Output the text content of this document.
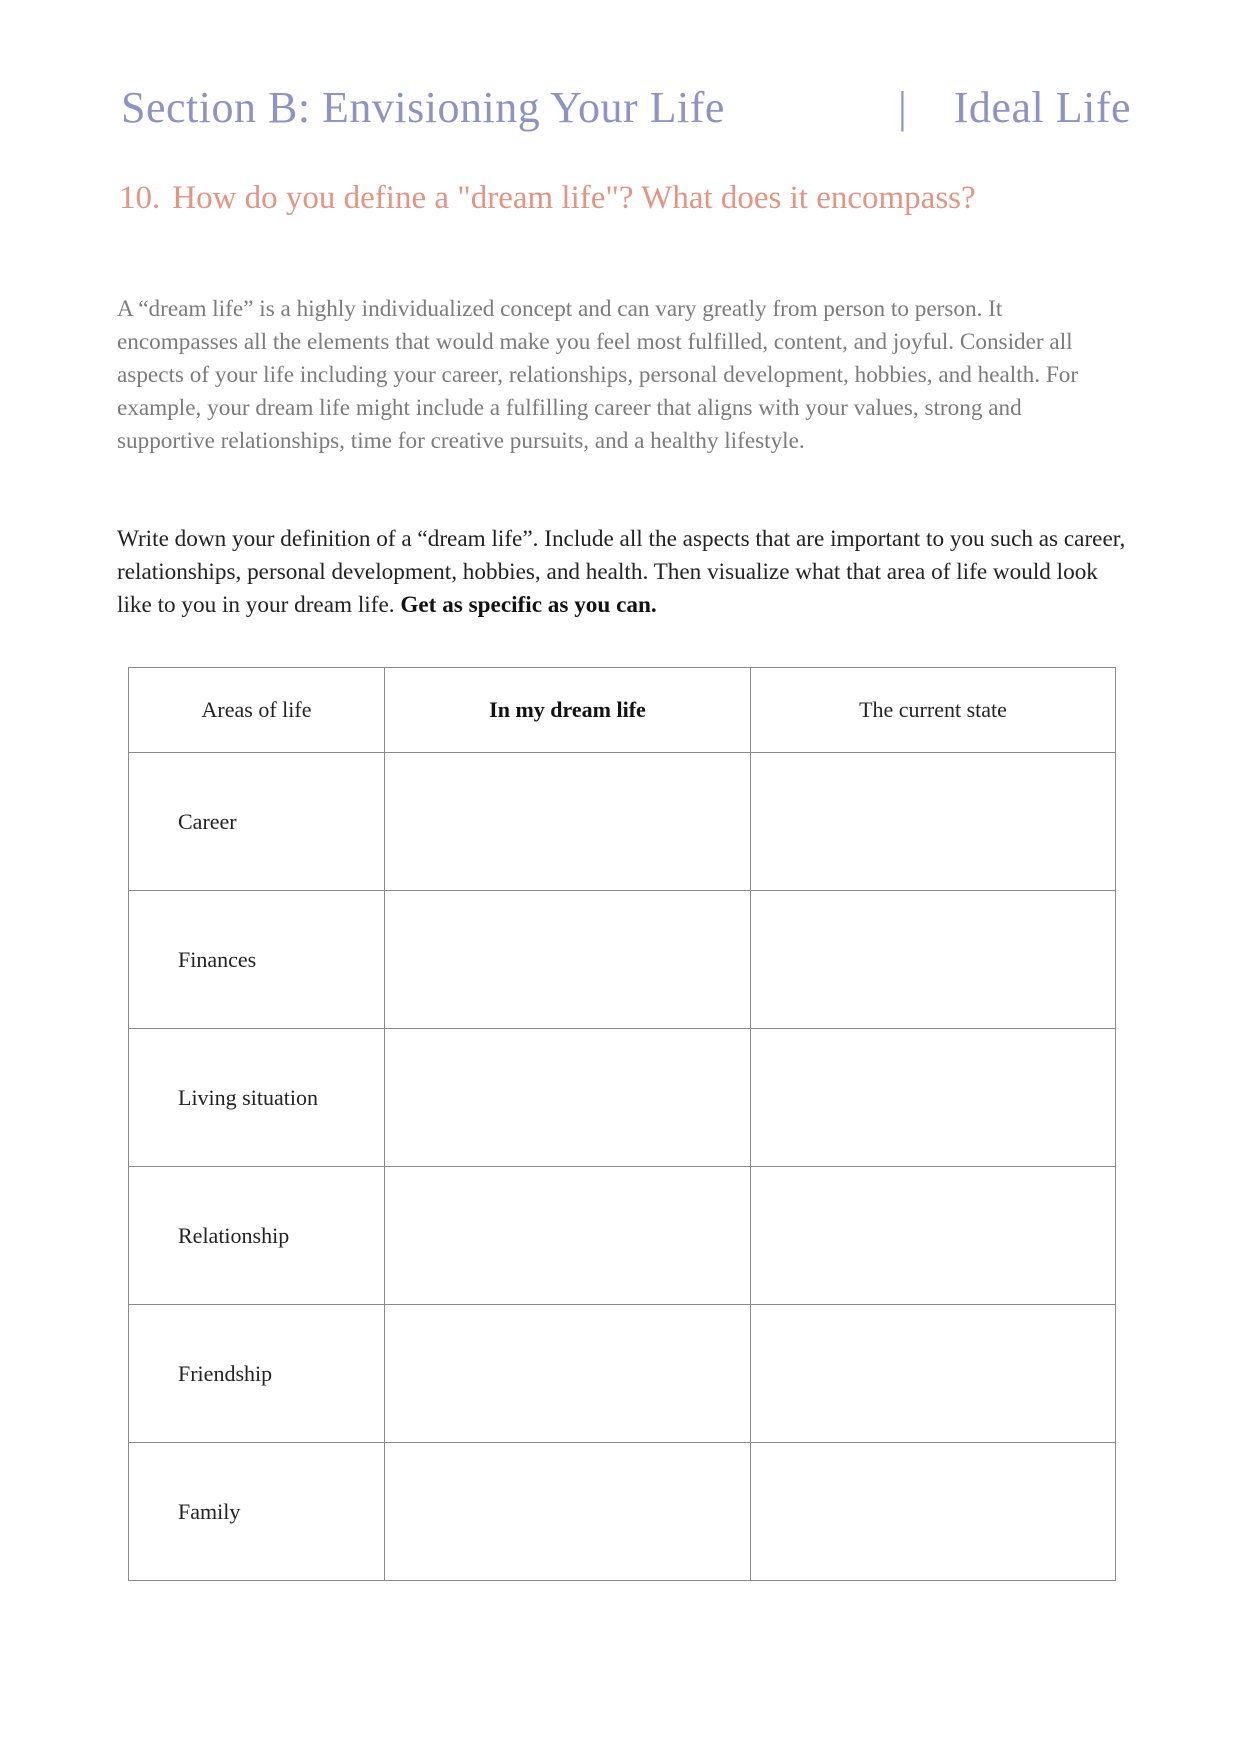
Section B: Envisioning Your Life	| Ideal Life
10. How do you define a "dream life"? What does it encompass?

A “dream life” is a highly individualized concept and can vary greatly from person to person. It encompasses all the elements that would make you feel most fulfilled, content, and joyful. Consider all aspects of your life including your career, relationships, personal development, hobbies, and health. For example, your dream life might include a fulfilling career that aligns with your values, strong and supportive relationships, time for creative pursuits, and a healthy lifestyle.

Write down your definition of a “dream life”. Include all the aspects that are important to you such as career, relationships, personal development, hobbies, and health. Then visualize what that area of life would look like to you in your dream life. Get as specific as you can.

Areas of life	In my dream life	The current state
Career		
Finances		
Living situation		
Relationship		
Friendship		
Family		
